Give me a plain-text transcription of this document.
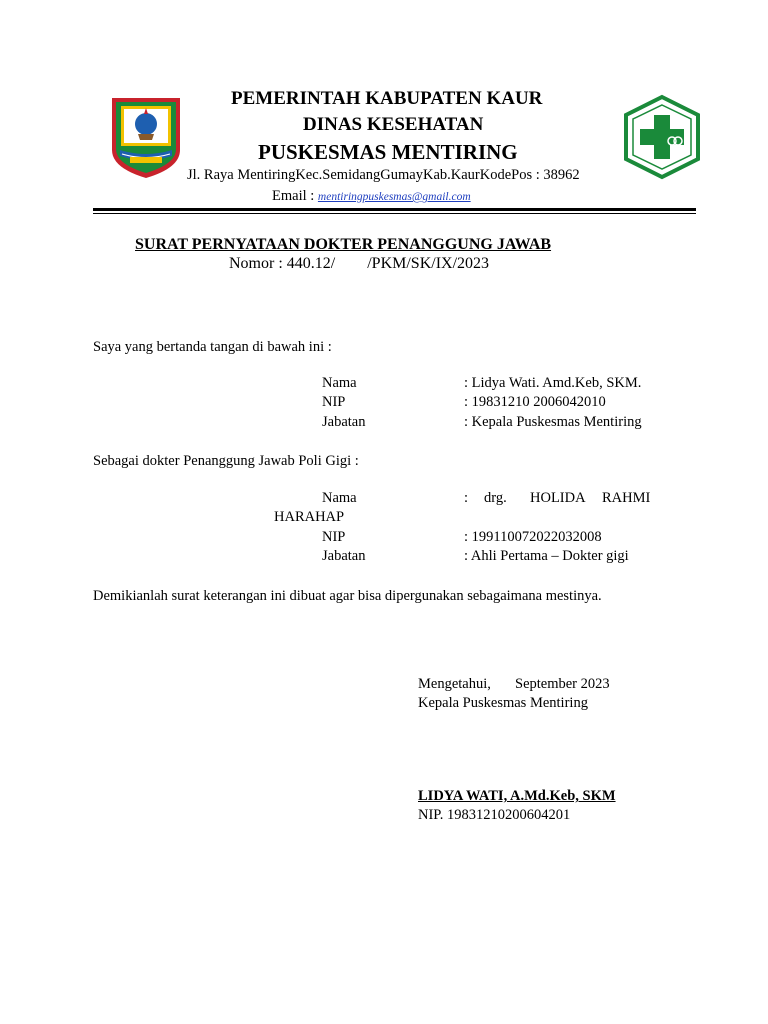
PEMERINTAH KABUPATEN KAUR
DINAS KESEHATAN
PUSKESMAS MENTIRING
Jl. Raya MentiringKec.SemidangGumayKab.KaurKodePos : 38962
Email : mentiringpuskesmas@gmail.com
SURAT PERNYATAAN DOKTER PENANGGUNG JAWAB
Nomor : 440.12/        /PKM/SK/IX/2023
Saya yang bertanda tangan di bawah ini :
Nama	: Lidya Wati. Amd.Keb, SKM.
NIP	: 19831210 2006042010
Jabatan	: Kepala Puskesmas Mentiring
Sebagai dokter Penanggung Jawab Poli Gigi :
Nama	: drg. HOLIDA RAHMI
HARAHAP
NIP	: 199110072022032008
Jabatan	: Ahli Pertama – Dokter gigi
Demikianlah surat keterangan ini dibuat agar bisa dipergunakan sebagaimana mestinya.
Mengetahui, September 2023
Kepala Puskesmas Mentiring
LIDYA WATI, A.Md.Keb, SKM
NIP. 19831210200604201
